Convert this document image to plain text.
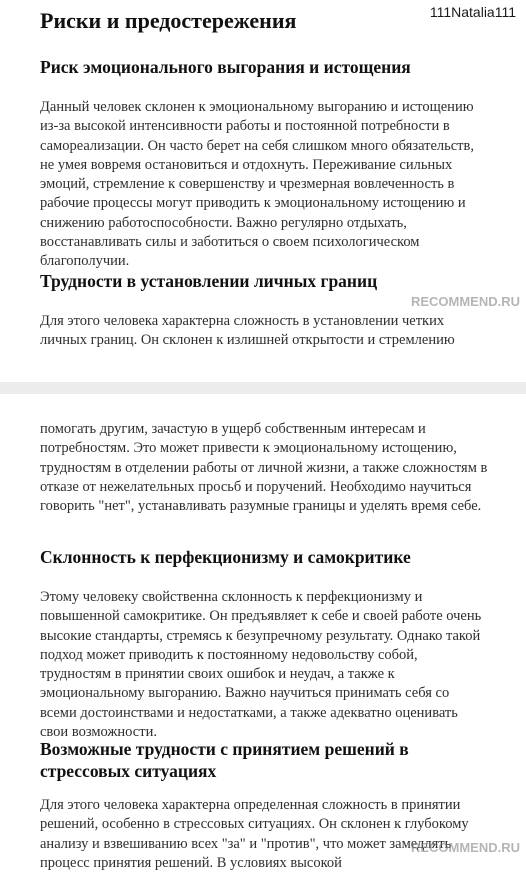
111Natalia111
Риски и предостережения
Риск эмоционального выгорания и истощения

Данный человек склонен к эмоциональному выгоранию и истощению из-за высокой интенсивности работы и постоянной потребности в самореализации. Он часто берет на себя слишком много обязательств, не умея вовремя остановиться и отдохнуть. Переживание сильных эмоций, стремление к совершенству и чрезмерная вовлеченность в рабочие процессы могут приводить к эмоциональному истощению и снижению работоспособности. Важно регулярно отдыхать, восстанавливать силы и заботиться о своем психологическом благополучии.

Трудности в установлении личных границ

Для этого человека характерна сложность в установлении четких личных границ. Он склонен к излишней открытости и стремлению

помогать другим, зачастую в ущерб собственным интересам и потребностям. Это может привести к эмоциональному истощению, трудностям в отделении работы от личной жизни, а также сложностям в отказе от нежелательных просьб и поручений. Необходимо научиться говорить "нет", устанавливать разумные границы и уделять время себе.

Склонность к перфекционизму и самокритике

Этому человеку свойственна склонность к перфекционизму и повышенной самокритике. Он предъявляет к себе и своей работе очень высокие стандарты, стремясь к безупречному результату. Однако такой подход может приводить к постоянному недовольству собой, трудностям в принятии своих ошибок и неудач, а также к эмоциональному выгоранию. Важно научиться принимать себя со всеми достоинствами и недостатками, а также адекватно оценивать свои возможности.

Возможные трудности с принятием решений в стрессовых ситуациях

Для этого человека характерна определенная сложность в принятии решений, особенно в стрессовых ситуациях. Он склонен к глубокому анализу и взвешиванию всех "за" и "против", что может замедлять процесс принятия решений. В условиях высокой

RECOMMEND.RU
RECOMMEND.RU
